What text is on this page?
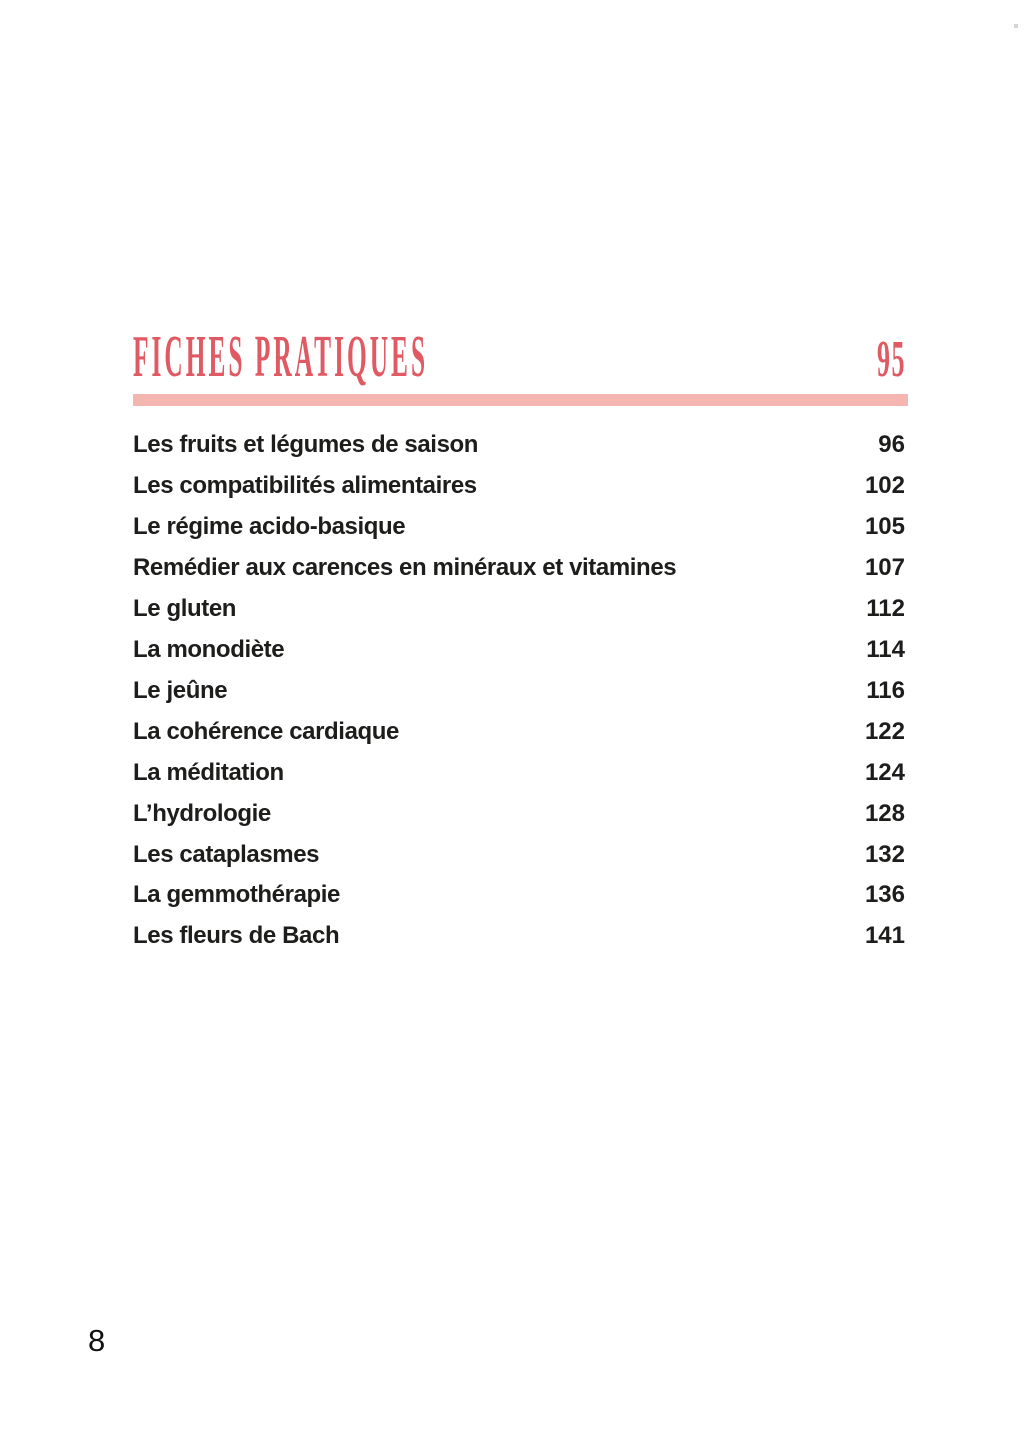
FICHES PRATIQUES	95
Les fruits et légumes de saison	96
Les compatibilités alimentaires	102
Le régime acido-basique	105
Remédier aux carences en minéraux et vitamines	107
Le gluten	112
La monodiète	114
Le jeûne	116
La cohérence cardiaque	122
La méditation	124
L’hydrologie	128
Les cataplasmes	132
La gemmothérapie	136
Les fleurs de Bach	141
8
